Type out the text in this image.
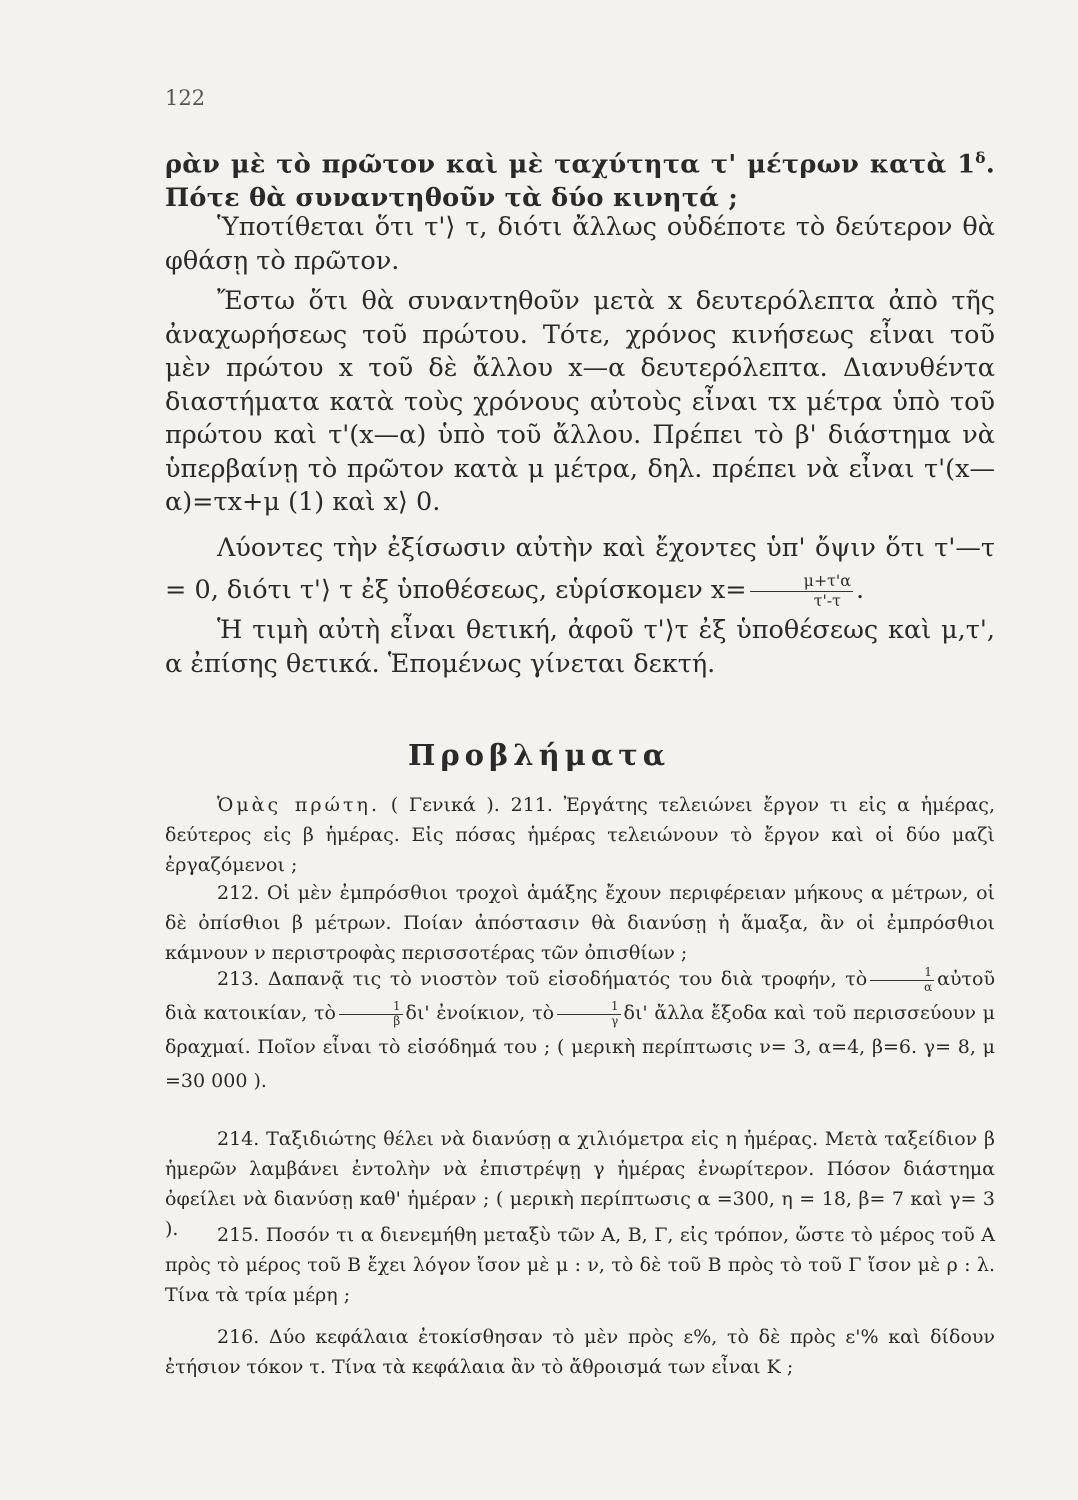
122

ρὰν μὲ τὸ πρῶτον καὶ μὲ ταχύτητα τ' μέτρων κατὰ $1^\delta$. Πότε θὰ συναντηθοῦν τὰ δύο κινητά ;

Ὑποτίθεται ὅτι τ'⟩ τ, διότι ἄλλως οὐδέποτε τὸ δεύτερον θὰ φθάσῃ τὸ πρῶτον.

Ἔστω ὅτι θὰ συναντηθοῦν μετὰ x δευτερόλεπτα ἀπὸ τῆς ἀναχωρήσεως τοῦ πρώτου. Τότε, χρόνος κινήσεως εἶναι τοῦ μὲν πρώτου x τοῦ δὲ ἄλλου x—α δευτερόλεπτα. Διανυθέντα διαστήματα κατὰ τοὺς χρόνους αὐτοὺς εἶναι τx μέτρα ὑπὸ τοῦ πρώτου καὶ τ'(x—α) ὑπὸ τοῦ ἄλλου. Πρέπει τὸ β' διάστημα νὰ ὑπερβαίνῃ τὸ πρῶτον κατὰ μ μέτρα, δηλ. πρέπει νὰ εἶναι τ'(x—α)=τx+μ (1) καὶ x⟩ 0.

Λύοντες τὴν ἐξίσωσιν αὐτὴν καὶ ἔχοντες ὑπ' ὄψιν ὅτι τ'—τ = 0, διότι τ'⟩ τ ἐξ ὑποθέσεως, εὑρίσκομεν $x= \frac{\mu+\tau'\alpha}{\tau'-\tau}$ .

Ἡ τιμὴ αὐτὴ εἶναι θετική, ἀφοῦ τ'⟩τ ἐξ ὑποθέσεως καὶ μ,τ', α ἐπίσης θετικά. Ἑπομένως γίνεται δεκτή.

Προβλήματα

Ὁμὰς πρώτη. ( Γενικά ). 211. Ἐργάτης τελειώνει ἔργον τι εἰς α ἡμέρας, δεύτερος εἰς β ἡμέρας. Εἰς πόσας ἡμέρας τελειώνουν τὸ ἔργον καὶ οἱ δύο μαζὶ ἐργαζόμενοι ;

212. Οἱ μὲν ἐμπρόσθιοι τροχοὶ ἁμάξης ἔχουν περιφέρειαν μήκους α μέτρων, οἱ δὲ ὀπίσθιοι β μέτρων. Ποίαν ἀπόστασιν θὰ διανύσῃ ἡ ἅμαξα, ἂν οἱ ἐμπρόσθιοι κάμνουν ν περιστροφὰς περισσοτέρας τῶν ὀπισθίων ;

213. Δαπανᾷ τις τὸ νιοστὸν τοῦ εἰσοδήματός του διὰ τροφήν, τὸ $\frac{1}{\alpha}$ αὐτοῦ διὰ κατοικίαν, τὸ $\frac{1}{\beta} \delta\iota'$ ἐνοίκιον, τὸ $\frac{1}{\gamma} \delta\iota'$ ἄλλα ἔξοδα καὶ τοῦ περισσεύουν μ δραχμαί. Ποῖον εἶναι τὸ εἰσόδημά του ; ( μερικὴ περίπτωσις ν= 3, α=4, β=6. γ= 8, μ =30 000 ).

214. Ταξιδιώτης θέλει νὰ διανύσῃ α χιλιόμετρα εἰς η ἡμέρας. Μετὰ ταξείδιον β ἡμερῶν λαμβάνει ἐντολὴν νὰ ἐπιστρέψῃ γ ἡμέρας ἐνωρίτερον. Πόσον διάστημα ὀφείλει νὰ διανύσῃ καθ' ἡμέραν ; ( μερικὴ περίπτωσις α =300, η = 18, β= 7 καὶ γ= 3 ).	215. Ποσόν τι α διενεμήθη μεταξὺ τῶν Α, Β, Γ, εἰς τρόπον, ὥστε τὸ μέρος τοῦ Α πρὸς τὸ μέρος τοῦ Β ἔχει λόγον ἴσον μὲ μ : ν, τὸ δὲ τοῦ Β πρὸς τὸ τοῦ Γ ἴσον μὲ ρ : λ. Τίνα τὰ τρία μέρη ;

216. Δύο κεφάλαια ἐτοκίσθησαν τὸ μὲν πρὸς ε%, τὸ δὲ πρὸς ε'% καὶ δίδουν ἐτήσιον τόκον τ. Τίνα τὰ κεφάλαια ἂν τὸ ἄθροισμά των εἶναι Κ ;
